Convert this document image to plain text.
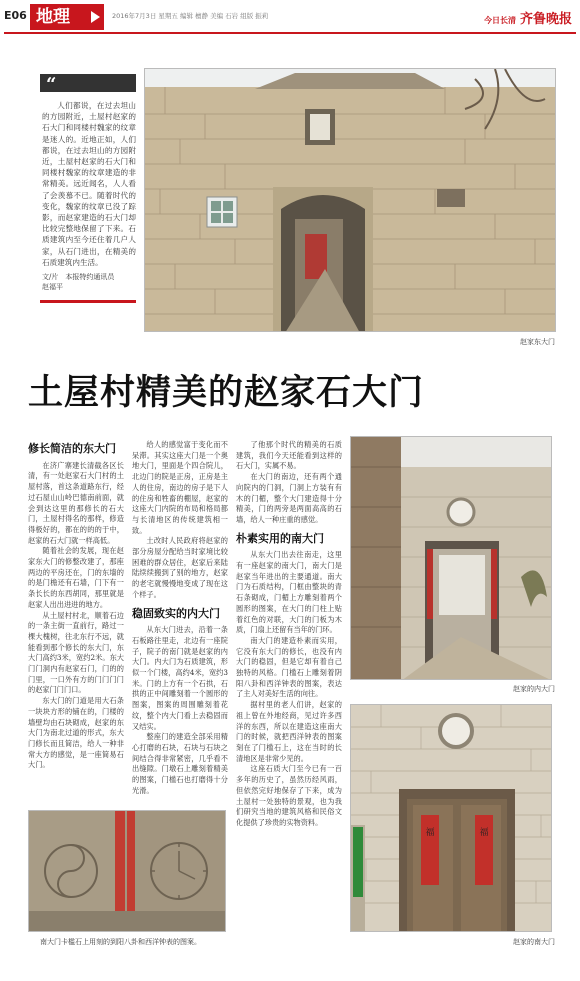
E06 地理	2016年7月3日 星期五 编辑 檀静 美编 石岩 组版 振莉	今日长清 齐鲁晚报
“

人们都说，在过去坦山的方园附近，土屋村赵家的石大门和同楼村魏家的纹章是迷人的。近地正如，人们都说，在过去坦山的方园附近，土屋村赵家的石大门和同楼村魏家的纹章建造的非常精美。远近闻名，人人看了会羡慕不已。随着时代的变化，魏家的纹章已没了踪影，而赵家建造的石大门却比较完整地保留了下来。石质建筑内至今还住着几户人家，从石门进出，在精美的石质建筑内生活。

文/片　本报特约通讯员
赵福平
赵家东大门
土屋村精美的赵家石大门
修长简洁的东大门

在济广寨建长清截各区长清，有一处赵家石大门村的土屋村落，首这条道路东行，经过石屋山山岭巴德南前面，就会到达这里的那修长的石大门，土屋村得名的那样，修造得极好的，都在的的的于中，赵家的石大门就一样高低。

随着社会的发展，现在赵家东大门的修整改建了，那座两边的平房还在，门的东墙的的是门檐还有石墙，门下有一条长长的东西胡同，那里就是赵家人出出进进的地方。

从土屋村村北，顺着石边的一条主街一直前行，路过一棵大槐树，往北东行不远，就能看到那个修长的东大门，东大门高约3米，宽约2米。东大门门洞内有赵家石门，门的的门里，一口外有方的门门门门的赵家门门门口。

东大门的门道是用大石条一块块方形的铺在的，门楼的墙壁均由石块砌成，赵家的东大门为南北过道的形式，东大门修长而且简洁，给人一种非常大方的感觉，是一座简易石大门。

给人的感觉富于变化而不呆滞。其实这座大门是一个奥地大门，里面是个四合院儿，北边门的院是正房，正房是主人的住房，南边的房子是下人的住房和牲畜的棚屋，赵家的这座大门内院的布局和格局都与长清地区的传统建筑相一致。

土改时人民政府将赵家的部分房屋分配给当时家境比较困难的群众居住，赵家后来陆陆续续搬到了别的地方，赵家的老宅就慢慢地变成了现在这个样子。

稳固致实的内大门

从东大门进去，沿着一条石板路往里走，北边有一座院子，院子的南门就是赵家的内大门。内大门为石质建筑，形似一个门楼，高约4米，宽约3米。门的上方有一个石拱，石拱的正中间雕刻着一个圆形的图案，图案的周围雕刻着花纹，整个内大门看上去稳固而又结实。

整座门的建造全部采用精心打磨的石块，石块与石块之间结合得非常紧密，几乎看不出缝隙。门墩石上雕刻着精美的图案，门槛石也打磨得十分光滑。

了他那个时代的精美的石质建筑，我们今天还能看到这样的石大门，实属不易。

在大门的南边，还有两个通向院内的门洞，门洞上方装有有木的门楣，整个大门建造得十分精美，门的两旁是两面高高的石墙，给人一种庄重的感觉。

朴素实用的南大门

从东大门出去往南走，这里有一座赵家的南大门，南大门是赵家当年进出的主要通道。南大门为石质结构，门框由整块的青石条砌成，门楣上方雕刻着两个圆形的图案，在大门的门柱上贴着红色的对联，大门的门板为木质，门扇上还留有当年的门环。

南大门的建造朴素而实用，它没有东大门的修长，也没有内大门的稳固，但是它却有着自己独特的风格。门槛石上雕刻着阴阳八卦和西洋钟表的图案，表达了主人对美好生活的向往。

据村里的老人们讲，赵家的祖上曾在外地经商，见过许多西洋的东西，所以在建造这座南大门的时候，就把西洋钟表的图案刻在了门槛石上，这在当时的长清地区是非常少见的。

这座石质大门至今已有一百多年的历史了，虽然历经风雨，但依然完好地保存了下来，成为土屋村一处独特的景观，也为我们研究当地的建筑风格和民俗文化提供了珍贵的实物资料。

赵家的内大门
福	福
赵家的南大门
南大门卡槛石上用刻的到阳八卦和西洋钟表的图案。
